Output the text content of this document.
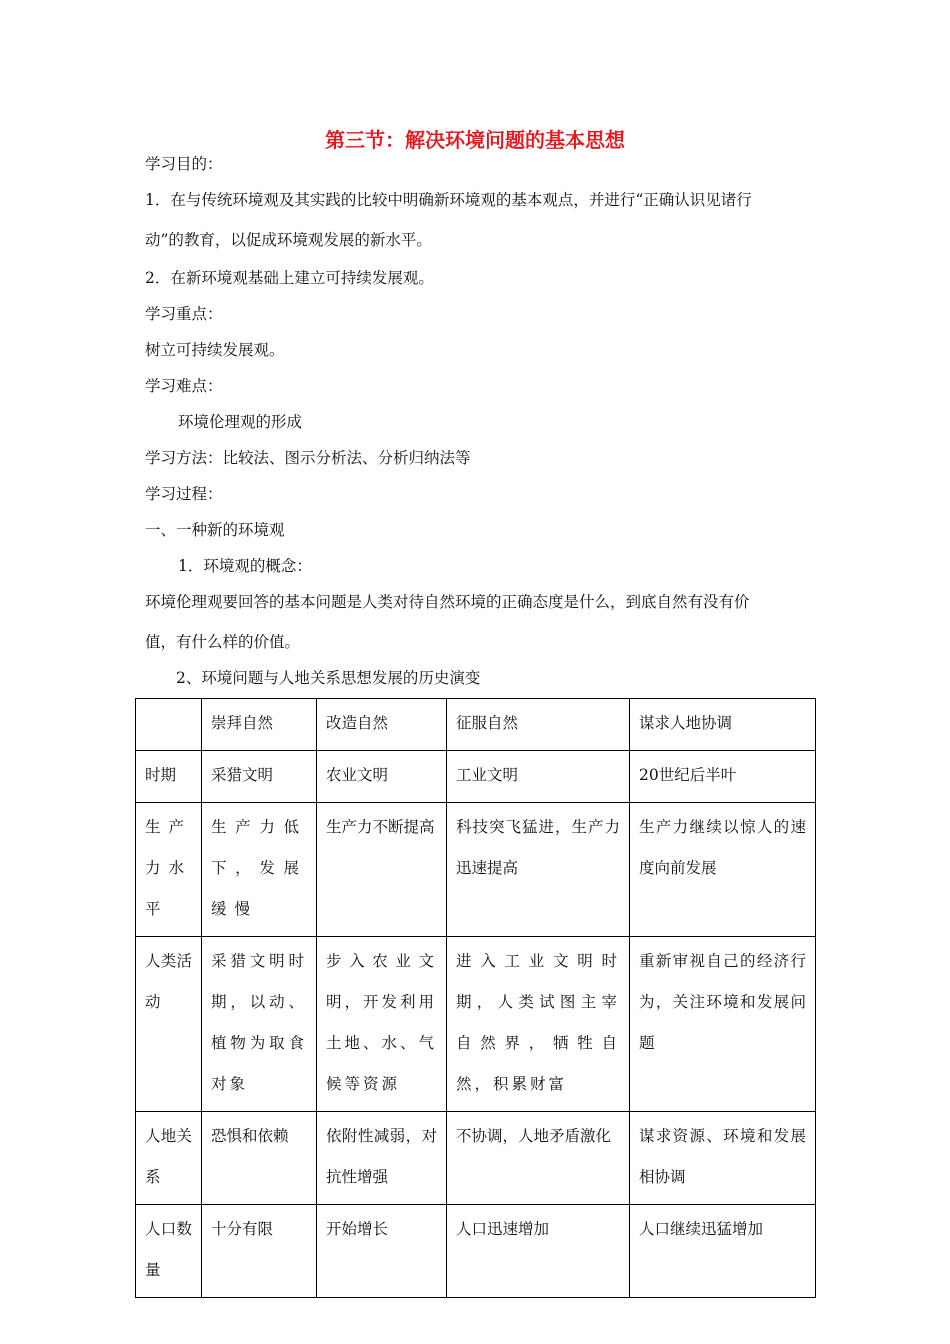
第三节：解决环境问题的基本思想
学习目的：
1．在与传统环境观及其实践的比较中明确新环境观的基本观点，并进行“正确认识见诸行
动”的教育，以促成环境观发展的新水平。
2．在新环境观基础上建立可持续发展观。
学习重点：
树立可持续发展观。
学习难点：
环境伦理观的形成
学习方法：比较法、图示分析法、分析归纳法等
学习过程：
一、一种新的环境观
1．环境观的概念：
环境伦理观要回答的基本问题是人类对待自然环境的正确态度是什么，到底自然有没有价
值，有什么样的价值。
2、环境问题与人地关系思想发展的历史演变
	崇拜自然	改造自然	征服自然	谋求人地协调
时期	采猎文明	农业文明	工业文明	20世纪后半叶
生产力水平	生产力低下，发展缓慢	生产力不断提高	科技突飞猛进，生产力迅速提高	生产力继续以惊人的速度向前发展
人类活动	采猎文明时期，以动、植物为取食对象	步入农业文明，开发利用土地、水、气候等资源	进入工业文明时期，人类试图主宰自然界，牺牲自然，积累财富	重新审视自己的经济行为，关注环境和发展问题
人地关系	恐惧和依赖	依附性减弱，对抗性增强	不协调，人地矛盾激化	谋求资源、环境和发展相协调
人口数量	十分有限	开始增长	人口迅速增加	人口继续迅猛增加
